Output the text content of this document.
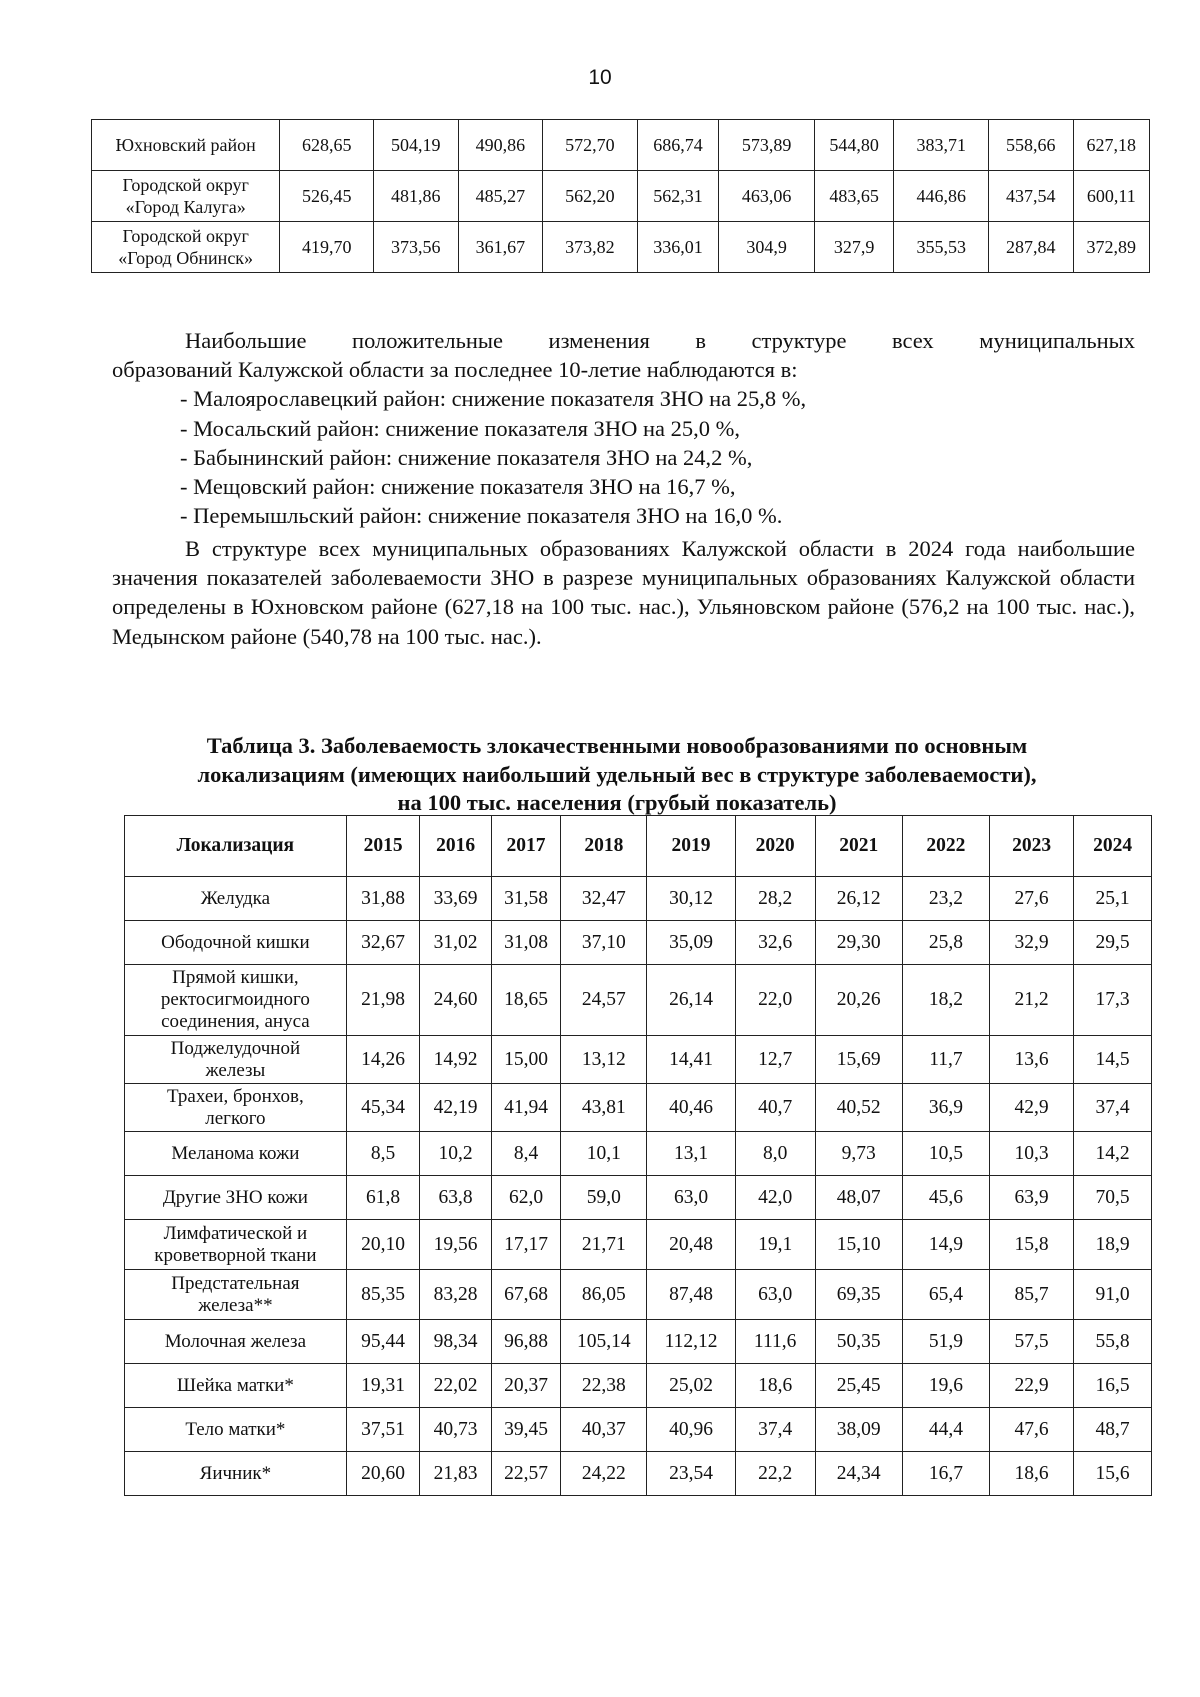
10
Юхновский район	628,65	504,19	490,86	572,70	686,74	573,89	544,80	383,71	558,66	627,18

Городской округ
«Город Калуга»	526,45	481,86	485,27	562,20	562,31	463,06	483,65	446,86	437,54	600,11

Городской округ
«Город Обнинск»	419,70	373,56	361,67	373,82	336,01	304,9	327,9	355,53	287,84	372,89

Наибольшие положительные изменения в структуре всех муниципальных

образований Калужской области за последнее 10-летие наблюдаются в:

- Малоярославецкий район: снижение показателя ЗНО на 25,8 %,

- Мосальский район: снижение показателя ЗНО на 25,0 %,

- Бабынинский район: снижение показателя ЗНО на 24,2 %,

- Мещовский район: снижение показателя ЗНО на 16,7 %,

- Перемышльский район: снижение показателя ЗНО на 16,0 %.

В структуре всех муниципальных образованиях Калужской области в 2024 года наибольшие значения показателей заболеваемости ЗНО в разрезе муниципальных образованиях Калужской области определены в Юхновском районе (627,18 на 100 тыс. нас.), Ульяновском районе (576,2 на 100 тыс. нас.), Медынском районе (540,78 на 100 тыс. нас.).

Таблица 3. Заболеваемость злокачественными новообразованиями по основным
локализациям (имеющих наибольший удельный вес в структуре заболеваемости),
на 100 тыс. населения (грубый показатель)
Локализация	2015	2016	2017	2018	2019	2020	2021	2022	2023	2024

Желудка	31,88	33,69	31,58	32,47	30,12	28,2	26,12	23,2	27,6	25,1

Ободочной кишки	32,67	31,02	31,08	37,10	35,09	32,6	29,30	25,8	32,9	29,5

Прямой кишки,
ректосигмоидного
соединения, ануса	21,98	24,60	18,65	24,57	26,14	22,0	20,26	18,2	21,2	17,3

Поджелудочной
железы	14,26	14,92	15,00	13,12	14,41	12,7	15,69	11,7	13,6	14,5

Трахеи, бронхов,
легкого	45,34	42,19	41,94	43,81	40,46	40,7	40,52	36,9	42,9	37,4

Меланома кожи	8,5	10,2	8,4	10,1	13,1	8,0	9,73	10,5	10,3	14,2

Другие ЗНО кожи	61,8	63,8	62,0	59,0	63,0	42,0	48,07	45,6	63,9	70,5

Лимфатической и
кроветворной ткани	20,10	19,56	17,17	21,71	20,48	19,1	15,10	14,9	15,8	18,9

Предстательная
железа**	85,35	83,28	67,68	86,05	87,48	63,0	69,35	65,4	85,7	91,0

Молочная железа	95,44	98,34	96,88	105,14	112,12	111,6	50,35	51,9	57,5	55,8

Шейка матки*	19,31	22,02	20,37	22,38	25,02	18,6	25,45	19,6	22,9	16,5

Тело матки*	37,51	40,73	39,45	40,37	40,96	37,4	38,09	44,4	47,6	48,7

Яичник*	20,60	21,83	22,57	24,22	23,54	22,2	24,34	16,7	18,6	15,6
